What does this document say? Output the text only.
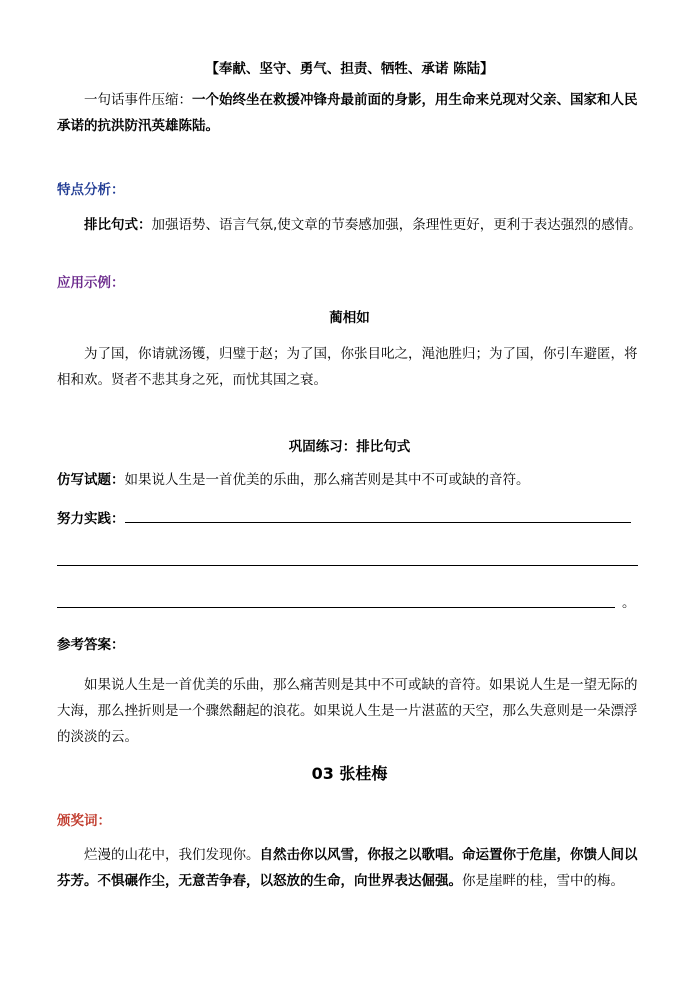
【奉献、坚守、勇气、担责、牺牲、承诺 陈陆】
一句话事件压缩：一个始终坐在救援冲锋舟最前面的身影，用生命来兑现对父亲、国家和人民承诺的抗洪防汛英雄陈陆。
特点分析：
排比句式：加强语势、语言气氛,使文章的节奏感加强，条理性更好，更利于表达强烈的感情。
应用示例：
蔺相如
为了国，你请就汤镬，归璧于赵；为了国，你张目叱之，渑池胜归；为了国，你引车避匿，将相和欢。贤者不悲其身之死，而忧其国之衰。
巩固练习：排比句式
仿写试题：如果说人生是一首优美的乐曲，那么痛苦则是其中不可或缺的音符。
努力实践：
。
参考答案：
如果说人生是一首优美的乐曲，那么痛苦则是其中不可或缺的音符。如果说人生是一望无际的大海，那么挫折则是一个骤然翻起的浪花。如果说人生是一片湛蓝的天空，那么失意则是一朵漂浮的淡淡的云。
03 张桂梅
颁奖词：
烂漫的山花中，我们发现你。自然击你以风雪，你报之以歌唱。命运置你于危崖，你馈人间以芬芳。不惧碾作尘，无意苦争春，以怒放的生命，向世界表达倔强。你是崖畔的桂，雪中的梅。
